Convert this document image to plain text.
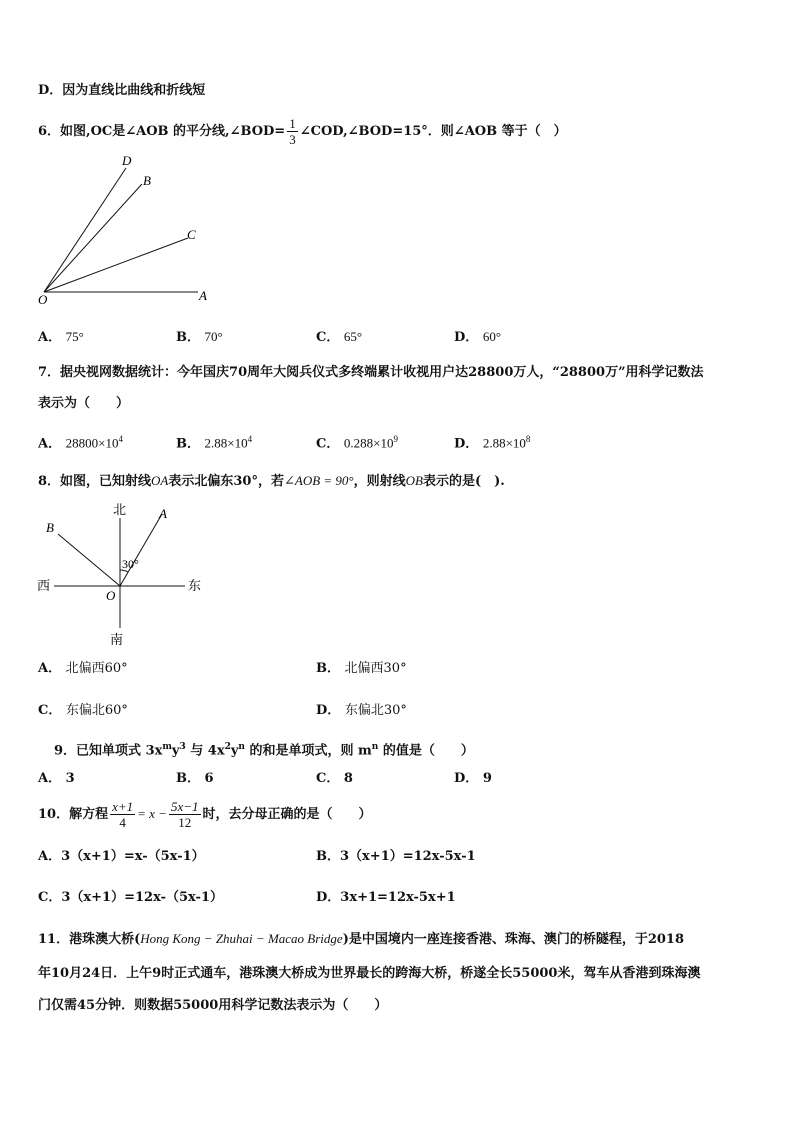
D．因为直线比曲线和折线短
6．如图,OC是∠AOB 的平分线,∠BOD= $\frac{1}{3}$ ∠COD,∠BOD=15°．则∠AOB 等于（　）
D
B
C
O	A
A． 75°	B． 70°	C． 65°	D． 60°
7．据央视网数据统计：今年国庆70周年大阅兵仪式多终端累计收视用户达28800万人，“28800万”用科学记数法
表示为（　　）
A． $28800\times 10^4$	B． $2.88\times 10^4$	C． $0.288\times 10^9$	D． $2.88\times 10^8$
8．如图，已知射线OA表示北偏东30°，若∠AOB = 90°，则射线OB表示的是(　).
北
南
西	东
A
B
O
30°
A． 北偏西60°	B． 北偏西30°
C． 东偏北60°	D． 东偏北30°
9．已知单项式 $3x^my^3$ 与 $4x^2y^n$ 的和是单项式，则 $m^n$ 的值是（　　）
A． 3	B． 6	C． 8	D． 9
10．解方程 $\frac{x+1}{4} = x - \frac{5x-1}{12}$ 时，去分母正确的是（　　）
A．3（x+1）=x-（5x-1）	B．3（x+1）=12x-5x-1
C．3（x+1）=12x-（5x-1）	D．3x+1=12x-5x+1
11．港珠澳大桥(Hong Kong − Zhuhai − Macao Bridge)是中国境内一座连接香港、珠海、澳门的桥隧程，于2018
年10月24日．上午9时正式通车，港珠澳大桥成为世界最长的跨海大桥，桥遂全长55000米，驾车从香港到珠海澳
门仅需45分钟．则数据55000用科学记数法表示为（　　）
